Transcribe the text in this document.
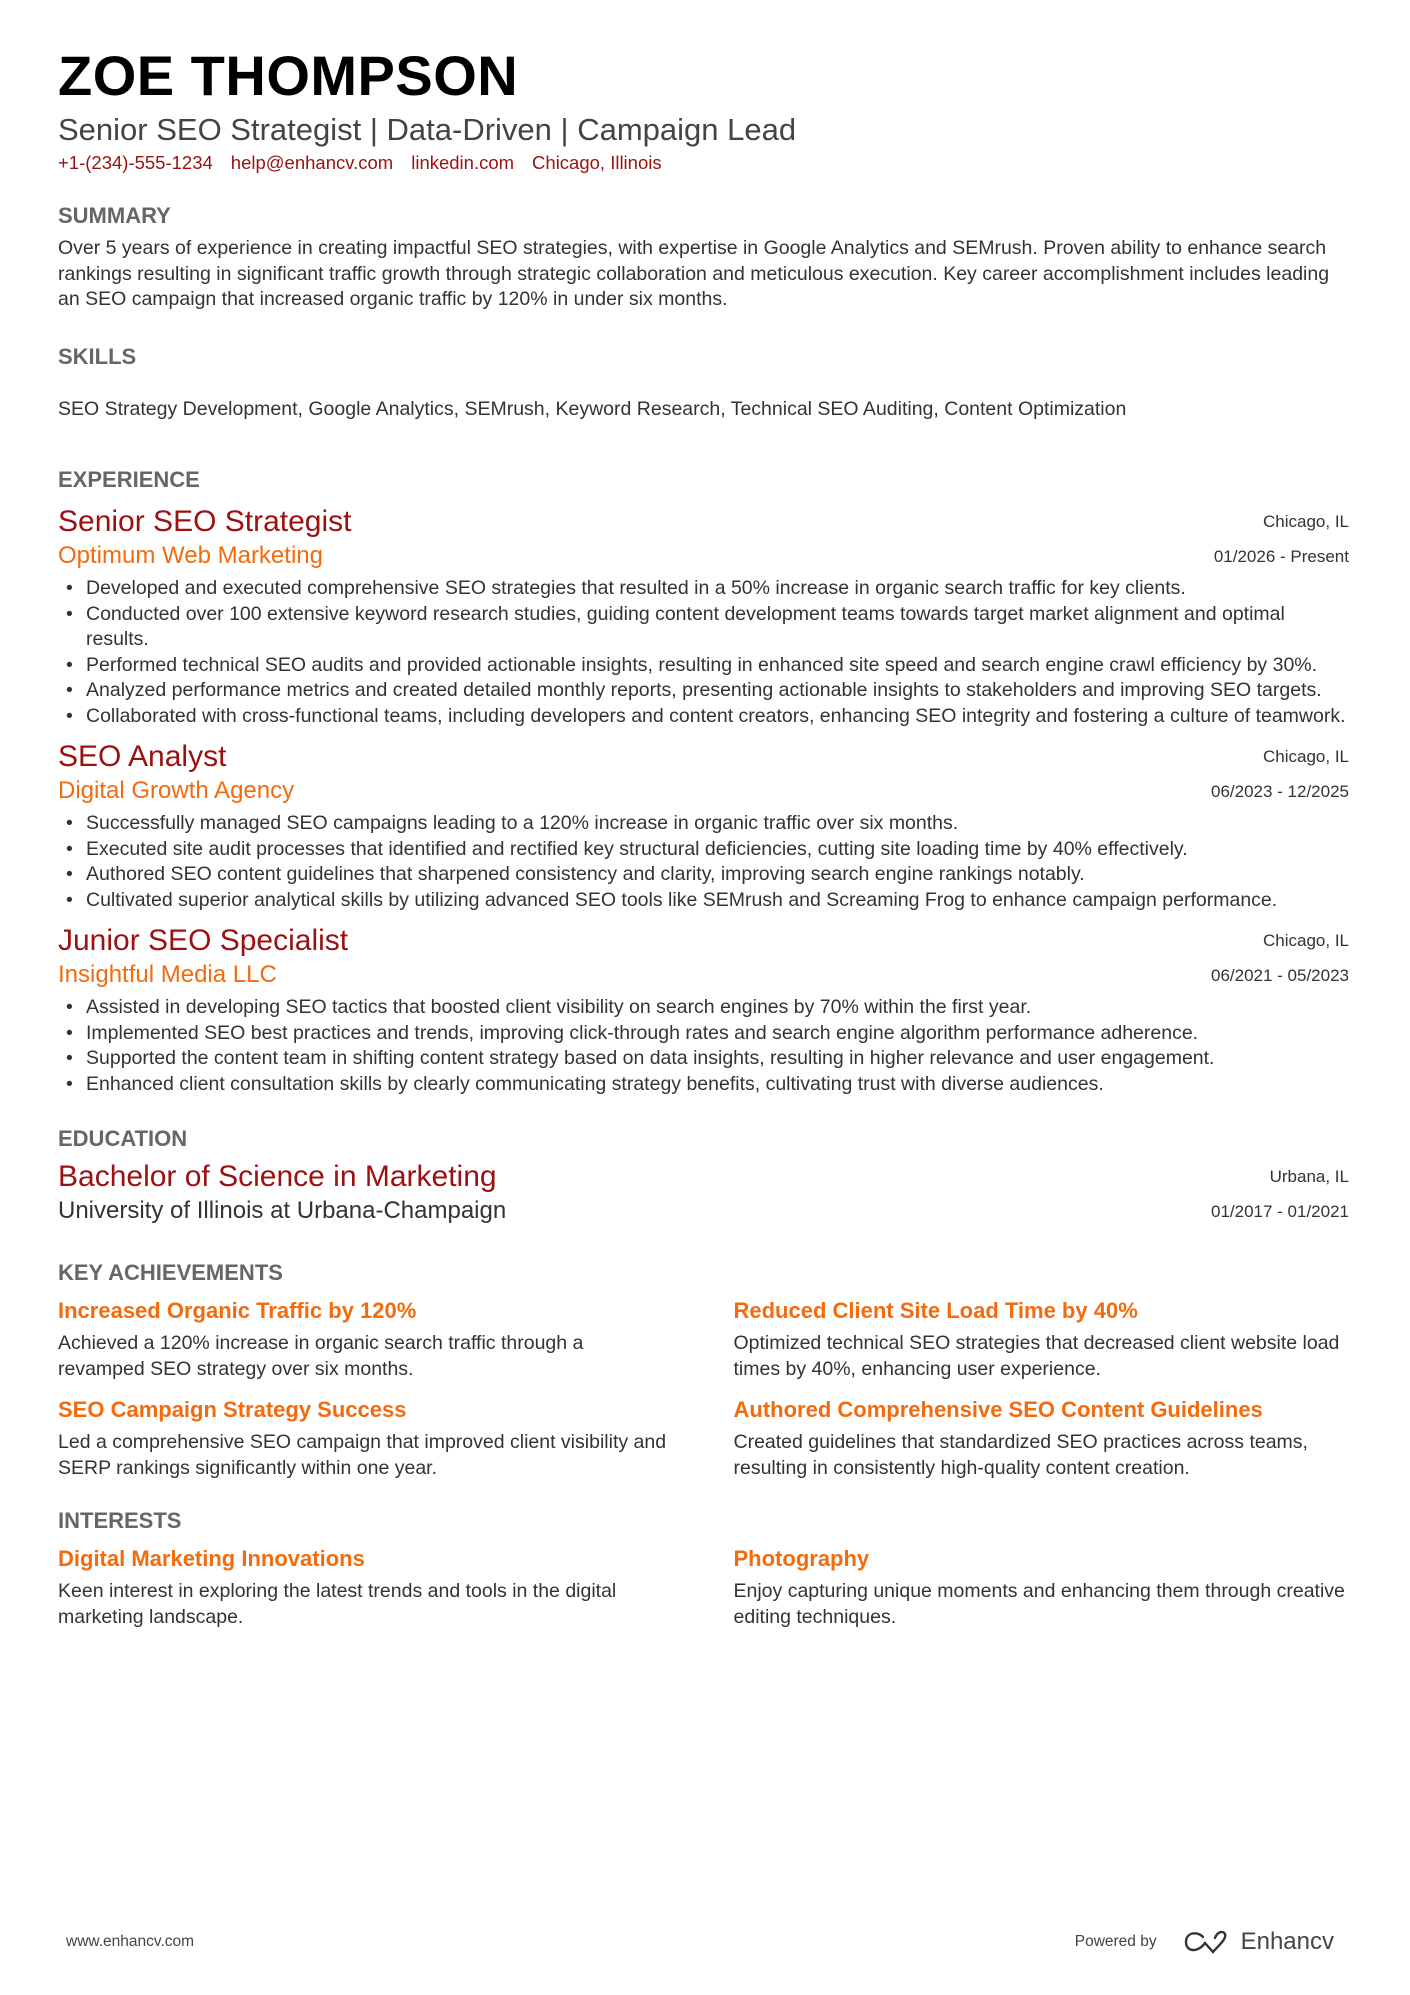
ZOE THOMPSON
Senior SEO Strategist | Data-Driven | Campaign Lead
+1-(234)-555-1234 help@enhancv.com linkedin.com Chicago, Illinois
SUMMARY
Over 5 years of experience in creating impactful SEO strategies, with expertise in Google Analytics and SEMrush. Proven ability to enhance search rankings resulting in significant traffic growth through strategic collaboration and meticulous execution. Key career accomplishment includes leading an SEO campaign that increased organic traffic by 120% in under six months.
SKILLS
SEO Strategy Development, Google Analytics, SEMrush, Keyword Research, Technical SEO Auditing, Content Optimization
EXPERIENCE
Senior SEO Strategist
Optimum Web Marketing
Chicago, IL
01/2026 - Present
• Developed and executed comprehensive SEO strategies that resulted in a 50% increase in organic search traffic for key clients.
• Conducted over 100 extensive keyword research studies, guiding content development teams towards target market alignment and optimal results.
• Performed technical SEO audits and provided actionable insights, resulting in enhanced site speed and search engine crawl efficiency by 30%.
• Analyzed performance metrics and created detailed monthly reports, presenting actionable insights to stakeholders and improving SEO targets.
• Collaborated with cross-functional teams, including developers and content creators, enhancing SEO integrity and fostering a culture of teamwork.
SEO Analyst
Digital Growth Agency
Chicago, IL
06/2023 - 12/2025
• Successfully managed SEO campaigns leading to a 120% increase in organic traffic over six months.
• Executed site audit processes that identified and rectified key structural deficiencies, cutting site loading time by 40% effectively.
• Authored SEO content guidelines that sharpened consistency and clarity, improving search engine rankings notably.
• Cultivated superior analytical skills by utilizing advanced SEO tools like SEMrush and Screaming Frog to enhance campaign performance.
Junior SEO Specialist
Insightful Media LLC
Chicago, IL
06/2021 - 05/2023
• Assisted in developing SEO tactics that boosted client visibility on search engines by 70% within the first year.
• Implemented SEO best practices and trends, improving click-through rates and search engine algorithm performance adherence.
• Supported the content team in shifting content strategy based on data insights, resulting in higher relevance and user engagement.
• Enhanced client consultation skills by clearly communicating strategy benefits, cultivating trust with diverse audiences.
EDUCATION
Bachelor of Science in Marketing
University of Illinois at Urbana-Champaign
Urbana, IL
01/2017 - 01/2021
KEY ACHIEVEMENTS
Increased Organic Traffic by 120%
Achieved a 120% increase in organic search traffic through a revamped SEO strategy over six months.
Reduced Client Site Load Time by 40%
Optimized technical SEO strategies that decreased client website load times by 40%, enhancing user experience.
SEO Campaign Strategy Success
Led a comprehensive SEO campaign that improved client visibility and SERP rankings significantly within one year.
Authored Comprehensive SEO Content Guidelines
Created guidelines that standardized SEO practices across teams, resulting in consistently high-quality content creation.
INTERESTS
Digital Marketing Innovations
Keen interest in exploring the latest trends and tools in the digital marketing landscape.
Photography
Enjoy capturing unique moments and enhancing them through creative editing techniques.
www.enhancv.com	Powered by	Enhancv
